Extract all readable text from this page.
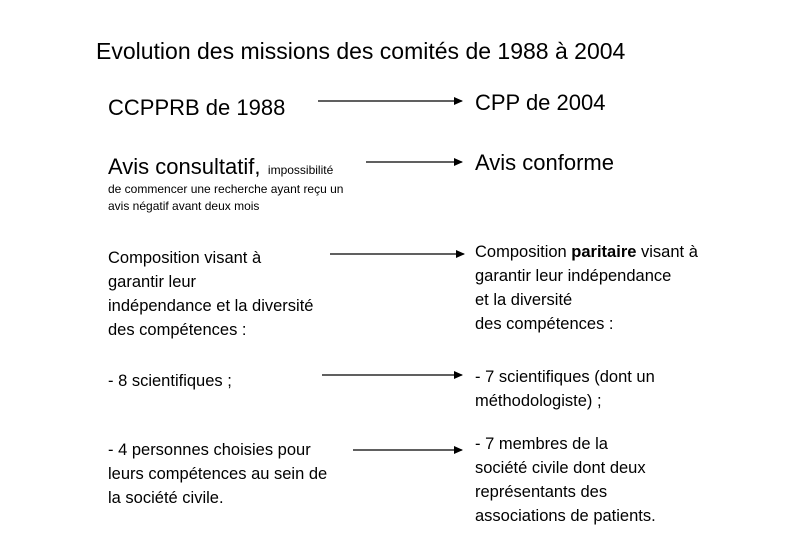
Evolution des missions des comités de 1988 à 2004
CCPPRB de 1988	CPP de 2004
Avis consultatif, impossibilité
de commencer une recherche ayant reçu un
avis négatif avant deux mois
Avis conforme
Composition visant à
garantir leur
indépendance et la diversité
des compétences :
Composition paritaire visant à
garantir leur indépendance
et la diversité
des compétences :
- 8 scientifiques ;	- 7 scientifiques (dont un
méthodologiste) ;
- 4 personnes choisies pour
leurs compétences au sein de
la société civile.
- 7 membres de la
société civile dont deux
représentants des
associations de patients.
